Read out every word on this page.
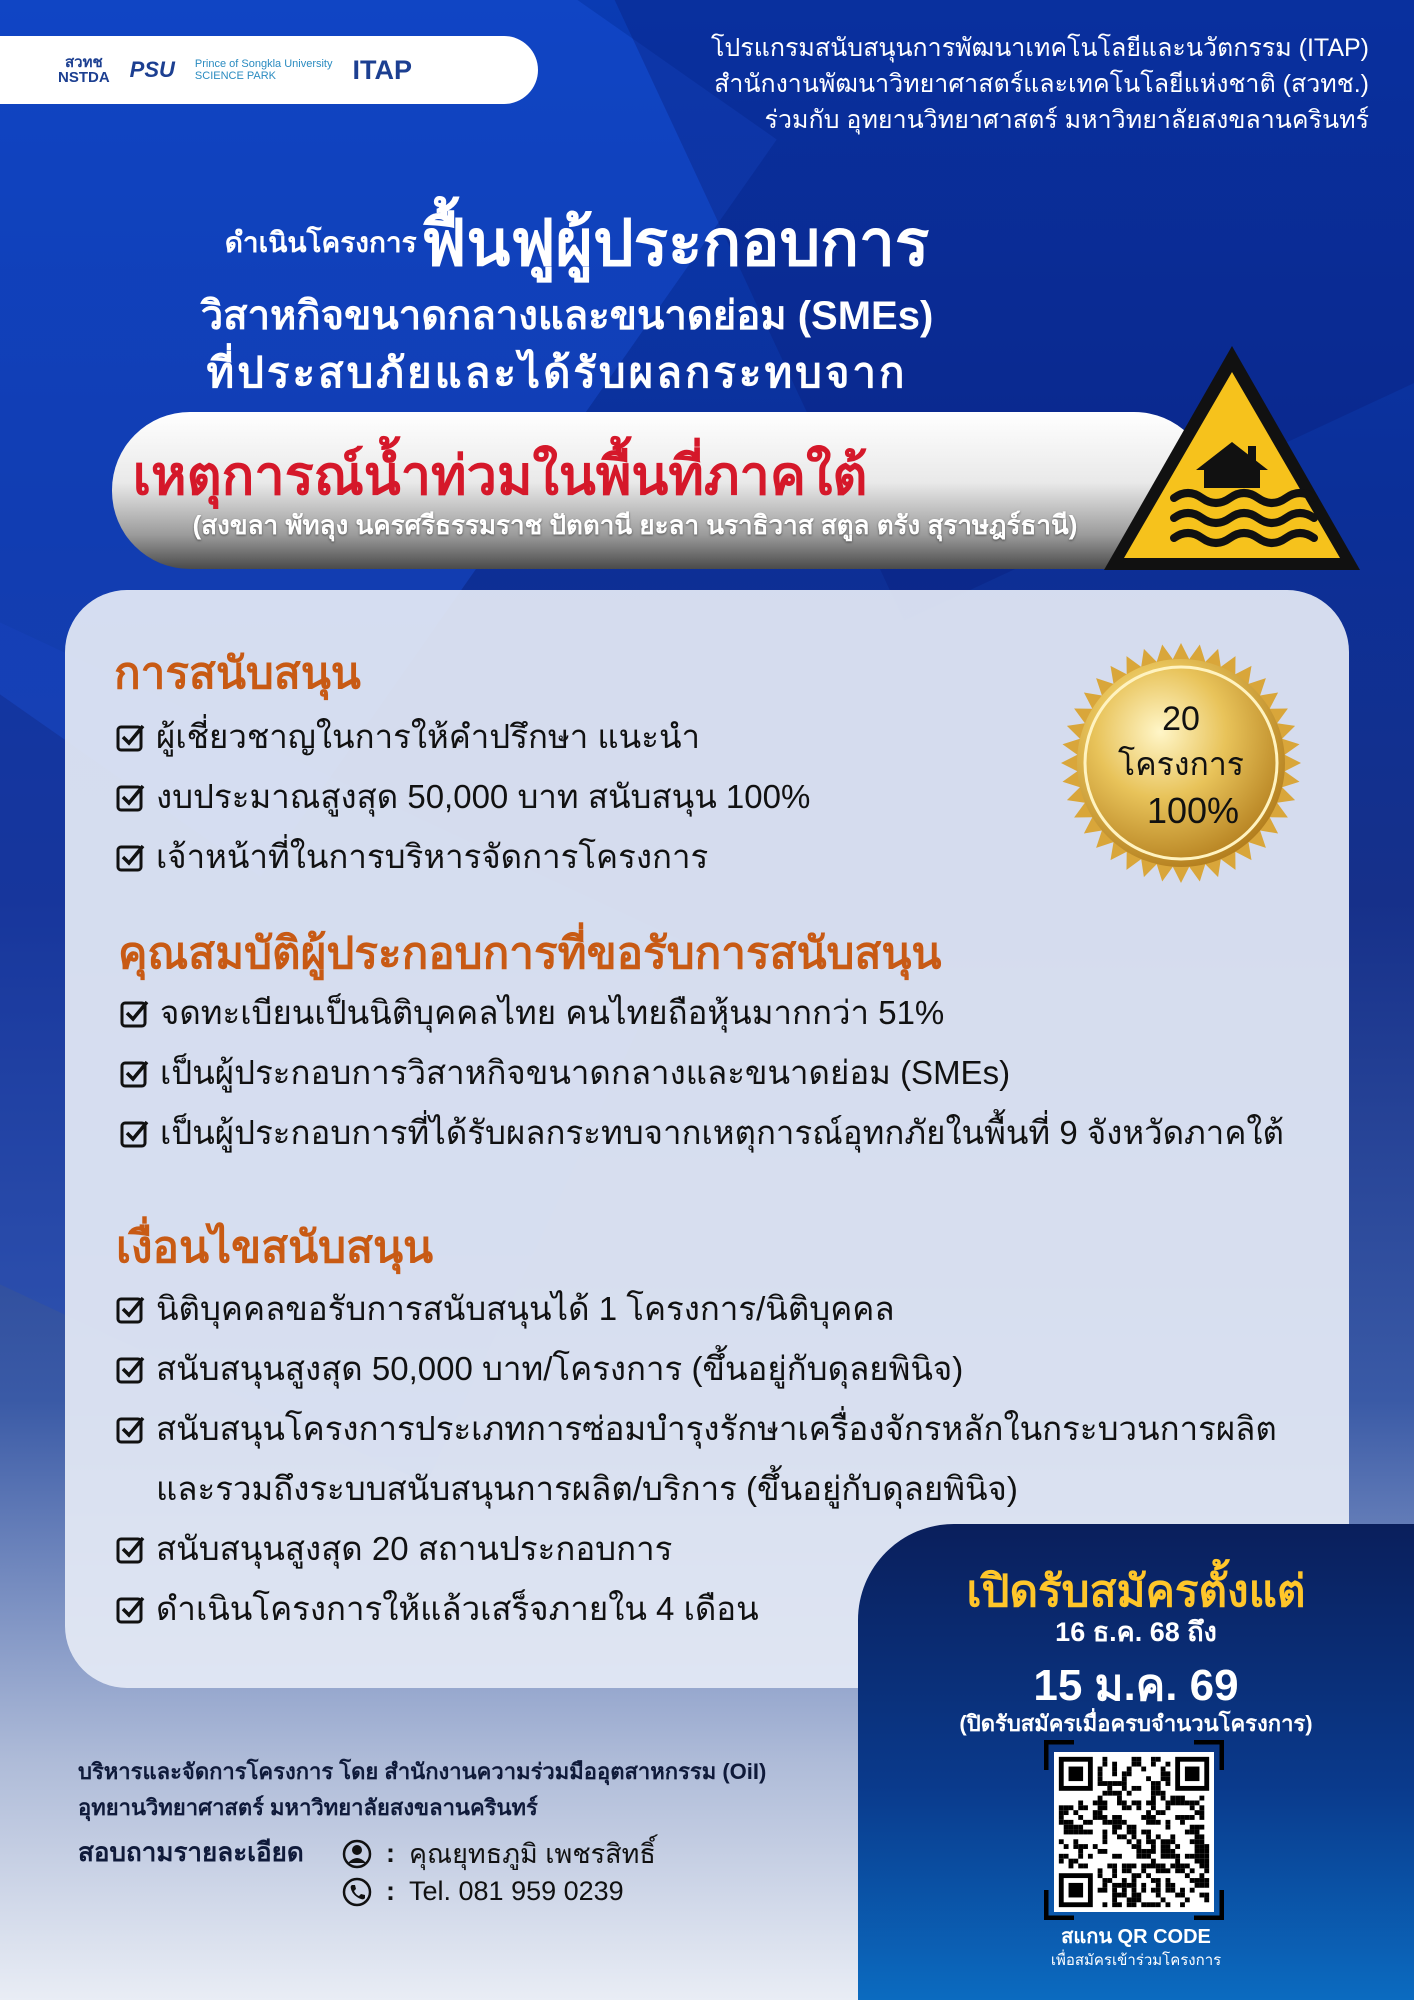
สวทช
NSTDA PSU Prince of Songkla University
SCIENCE PARK	ITAP
โปรแกรมสนับสนุนการพัฒนาเทคโนโลยีและนวัตกรรม (ITAP)
สำนักงานพัฒนาวิทยาศาสตร์และเทคโนโลยีแห่งชาติ (สวทช.)
ร่วมกับ อุทยานวิทยาศาสตร์ มหาวิทยาลัยสงขลานครินทร์
ดำเนินโครงการ ฟื้นฟูผู้ประกอบการ
วิสาหกิจขนาดกลางและขนาดย่อม (SMEs)
ที่ประสบภัยและได้รับผลกระทบจาก
เหตุการณ์น้ำท่วมในพื้นที่ภาคใต้
(สงขลา พัทลุง นครศรีธรรมราช ปัตตานี ยะลา นราธิวาส สตูล ตรัง สุราษฎร์ธานี)
การสนับสนุน
ผู้เชี่ยวชาญในการให้คำปรึกษา แนะนำ
งบประมาณสูงสุด 50,000 บาท สนับสนุน 100%
เจ้าหน้าที่ในการบริหารจัดการโครงการ
20
โครงการ
100%
คุณสมบัติผู้ประกอบการที่ขอรับการสนับสนุน
จดทะเบียนเป็นนิติบุคคลไทย คนไทยถือหุ้นมากกว่า 51%
เป็นผู้ประกอบการวิสาหกิจขนาดกลางและขนาดย่อม (SMEs)
เป็นผู้ประกอบการที่ได้รับผลกระทบจากเหตุการณ์อุทกภัยในพื้นที่ 9 จังหวัดภาคใต้
เงื่อนไขสนับสนุน
นิติบุคคลขอรับการสนับสนุนได้ 1 โครงการ/นิติบุคคล
สนับสนุนสูงสุด 50,000 บาท/โครงการ (ขึ้นอยู่กับดุลยพินิจ)
สนับสนุนโครงการประเภทการซ่อมบำรุงรักษาเครื่องจักรหลักในกระบวนการผลิต
และรวมถึงระบบสนับสนุนการผลิต/บริการ (ขึ้นอยู่กับดุลยพินิจ)
สนับสนุนสูงสุด 20 สถานประกอบการ
ดำเนินโครงการให้แล้วเสร็จภายใน 4 เดือน	เปิดรับสมัครตั้งแต่
16 ธ.ค. 68 ถึง
15 ม.ค. 69
(ปิดรับสมัครเมื่อครบจำนวนโครงการ)
สแกน QR CODE
เพื่อสมัครเข้าร่วมโครงการ
บริหารและจัดการโครงการ โดย สำนักงานความร่วมมืออุตสาหกรรม (OiI)
อุทยานวิทยาศาสตร์ มหาวิทยาลัยสงขลานครินทร์
สอบถามรายละเอียด	: คุณยุทธภูมิ เพชรสิทธิ์
: Tel. 081 959 0239
